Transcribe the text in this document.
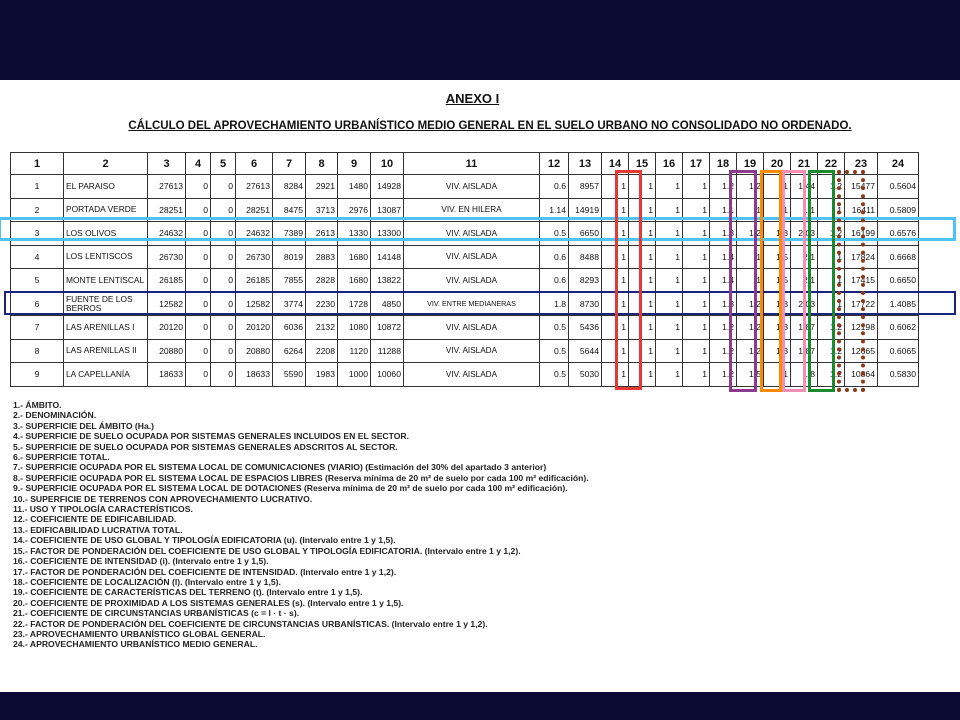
ANEXO I
CÁLCULO DEL APROVECHAMIENTO URBANÍSTICO MEDIO GENERAL EN EL SUELO URBANO NO CONSOLIDADO NO ORDENADO.
1	2	3	4	5	6	7	8	9	10	11	12	13	14	15	16	17	18	19	20	21	22	23	24
1	EL PARAISO	27613	0	0	27613	8284	2921	1480	14928	VIV. AISLADA	0.6	8957	1	1	1	1	1.2	1.2	1	1.44	1.2	15477	0.5604
2	PORTADA VERDE	28251	0	0	28251	8475	3713	2976	13087	VIV. EN HILERA	1.14	14919	1	1	1	1	1.1	1	1	1.1	1	16411	0.5809
3	LOS OLIVOS	24632	0	0	24632	7389	2613	1330	13300	VIV. AISLADA	0.5	6650	1	1	1	1	1.3	1.2	1.3	2.03	1.2	16199	0.6576
4	LOS LENTISCOS	26730	0	0	26730	8019	2883	1680	14148	VIV. AISLADA	0.6	8488	1	1	1	1	1.4	1	1.5	2.1	1	17824	0.6668
5	MONTE LENTISCAL	26185	0	0	26185	7855	2828	1680	13822	VIV. AISLADA	0.6	8293	1	1	1	1	1.4	1	1.5	2.1	1	17415	0.6650
6	FUENTE DE LOS BERROS	12582	0	0	12582	3774	2230	1728	4850	VIV. ENTRE MEDIANERAS	1.8	8730	1	1	1	1	1.3	1.2	1.3	2.03	1	17722	1.4085
7	LAS ARENILLAS I	20120	0	0	20120	6036	2132	1080	10872	VIV. AISLADA	0.5	5436	1	1	1	1	1.2	1.2	1.3	1.87	1.2	12198	0.6062
8	LAS ARENILLAS II	20880	0	0	20880	6264	2208	1120	11288	VIV. AISLADA	0.5	5644	1	1	1	1	1.2	1.2	1.3	1.87	1.2	12665	0.6065
9	LA CAPELLANÍA	18633	0	0	18633	5590	1983	1000	10060	VIV. AISLADA	0.5	5030	1	1	1	1	1.2	1.5	1	1.8	1.2	10864	0.5830
1.- ÁMBITO.
2.- DENOMINACIÓN.
3.- SUPERFICIE DEL ÁMBITO (Ha.)
4.- SUPERFICIE DE SUELO OCUPADA POR SISTEMAS GENERALES INCLUIDOS EN EL SECTOR.
5.- SUPERFICIE DE SUELO OCUPADA POR SISTEMAS GENERALES ADSCRITOS AL SECTOR.
6.- SUPERFICIE TOTAL.
7.- SUPERFICIE OCUPADA POR EL SISTEMA LOCAL DE COMUNICACIONES (VIARIO) (Estimación del 30% del apartado 3 anterior)
8.- SUPERFICIE OCUPADA POR EL SISTEMA LOCAL DE ESPACIOS LIBRES (Reserva mínima de 20 m² de suelo por cada 100 m² edificación).
9.- SUPERFICIE OCUPADA POR EL SISTEMA LOCAL DE DOTACIONES (Reserva mínima de 20 m² de suelo por cada 100 m² edificación).
10.- SUPERFICIE DE TERRENOS CON APROVECHAMIENTO LUCRATIVO.
11.- USO Y TIPOLOGÍA CARACTERÍSTICOS.
12.- COEFICIENTE DE EDIFICABILIDAD.
13.- EDIFICABILIDAD LUCRATIVA TOTAL.
14.- COEFICIENTE DE USO GLOBAL Y TIPOLOGÍA EDIFICATORIA (u). (Intervalo entre 1 y 1,5).
15.- FACTOR DE PONDERACIÓN DEL COEFICIENTE DE USO GLOBAL Y TIPOLOGÍA EDIFICATORIA. (Intervalo entre 1 y 1,2).
16.- COEFICIENTE DE INTENSIDAD (i). (Intervalo entre 1 y 1,5).
17.- FACTOR DE PONDERACIÓN DEL COEFICIENTE DE INTENSIDAD. (Intervalo entre 1 y 1,2).
18.- COEFICIENTE DE LOCALIZACIÓN (l). (Intervalo entre 1 y 1,5).
19.- COEFICIENTE DE CARACTERÍSTICAS DEL TERRENO (t). (Intervalo entre 1 y 1,5).
20.- COEFICIENTE DE PROXIMIDAD A LOS SISTEMAS GENERALES (s). (Intervalo entre 1 y 1,5).
21.- COEFICIENTE DE CIRCUNSTANCIAS URBANÍSTICAS (c = l · t · s).
22.- FACTOR DE PONDERACIÓN DEL COEFICIENTE DE CIRCUNSTANCIAS URBANÍSTICAS. (Intervalo entre 1 y 1,2).
23.- APROVECHAMIENTO URBANÍSTICO GLOBAL GENERAL.
24.- APROVECHAMIENTO URBANÍSTICO MEDIO GENERAL.
